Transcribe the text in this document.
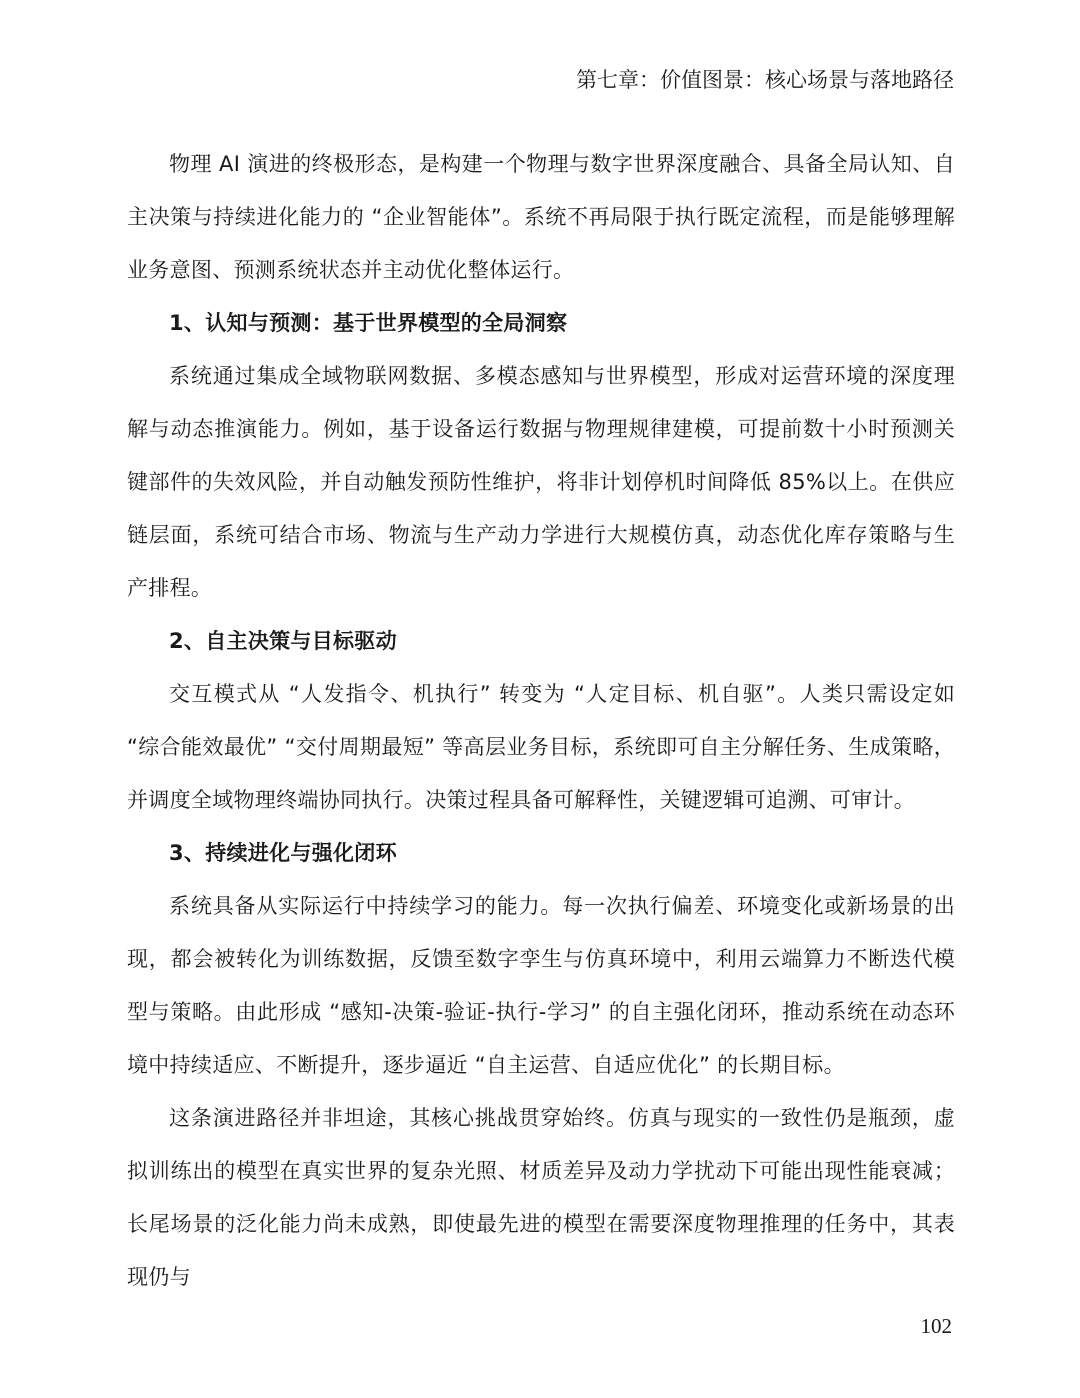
第七章：价值图景：核心场景与落地路径

物理 AI 演进的终极形态，是构建一个物理与数字世界深度融合、具备全局认知、自主决策与持续进化能力的 “企业智能体”。系统不再局限于执行既定流程，而是能够理解业务意图、预测系统状态并主动优化整体运行。

1、认知与预测：基于世界模型的全局洞察

系统通过集成全域物联网数据、多模态感知与世界模型，形成对运营环境的深度理解与动态推演能力。例如，基于设备运行数据与物理规律建模，可提前数十小时预测关键部件的失效风险，并自动触发预防性维护，将非计划停机时间降低 85%以上。在供应链层面，系统可结合市场、物流与生产动力学进行大规模仿真，动态优化库存策略与生产排程。

2、自主决策与目标驱动

交互模式从 “人发指令、机执行” 转变为 “人定目标、机自驱”。人类只需设定如 “综合能效最优” “交付周期最短” 等高层业务目标，系统即可自主分解任务、生成策略，并调度全域物理终端协同执行。决策过程具备可解释性，关键逻辑可追溯、可审计。

3、持续进化与强化闭环

系统具备从实际运行中持续学习的能力。每一次执行偏差、环境变化或新场景的出现，都会被转化为训练数据，反馈至数字孪生与仿真环境中，利用云端算力不断迭代模型与策略。由此形成 “感知-决策-验证-执行-学习” 的自主强化闭环，推动系统在动态环境中持续适应、不断提升，逐步逼近 “自主运营、自适应优化” 的长期目标。

这条演进路径并非坦途，其核心挑战贯穿始终。仿真与现实的一致性仍是瓶颈，虚拟训练出的模型在真实世界的复杂光照、材质差异及动力学扰动下可能出现性能衰减；长尾场景的泛化能力尚未成熟，即使最先进的模型在需要深度物理推理的任务中，其表现仍与

102
